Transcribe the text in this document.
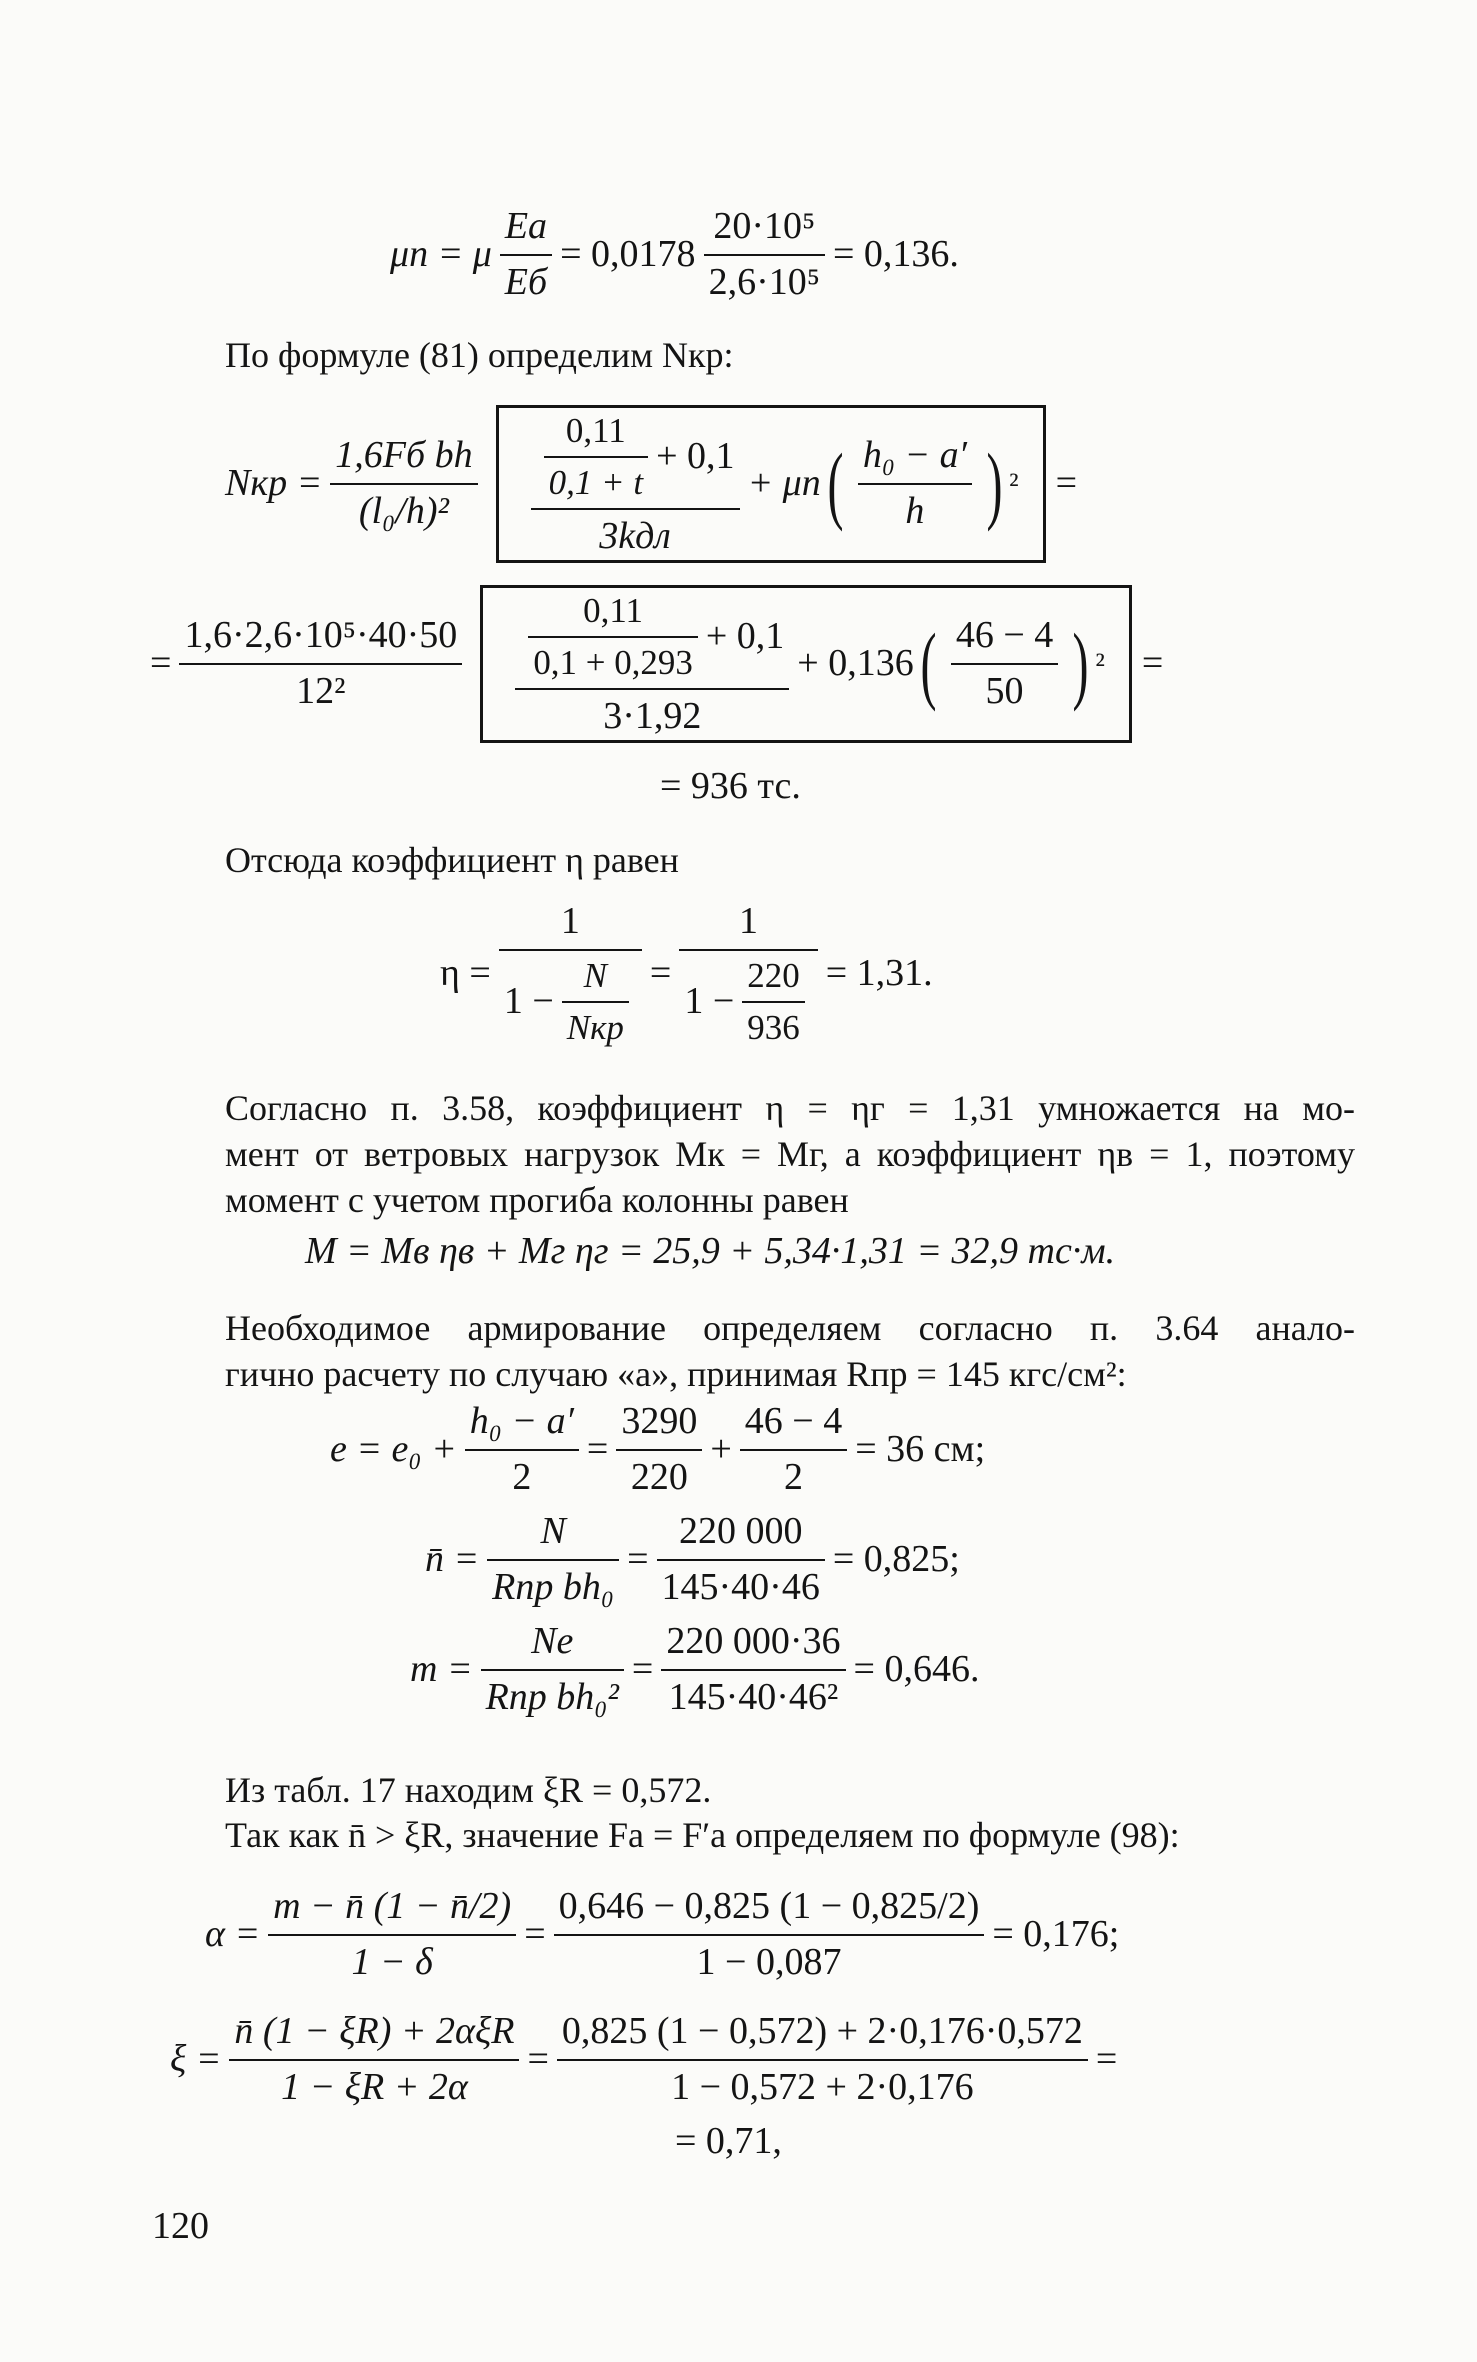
μn = μ $\frac{Eа}{Eб} = 0,0178 \frac{\text{20·10⁵}}{\text{2,6·10⁵}} = 0,136$.
По формуле (81) определим Nкр:
Nкр = $\frac{\text{1,6Fб bh}}{\text{(l₀/h)²}} \frac{\frac{0,11}{0,1 + t} + 0,1}{\text{3kдл}} + \mu n$ ( $\frac{\text{h₀ − a′}}{h}$ ) ² =
= $\frac{\text{1,6·2,6·10⁵·40·50}}{\text{12²}} \frac{0,11}{0,1 + 0,293} + 0,1$
3·1,92
+ 0,136 ( $\frac{46 - 4}{50}$ ) ² =
= 936 тс.
Отсюда коэффициент η равен
$\eta = \frac{1}{1 - \frac{N}{\text{Nкр}}} = \frac{1}{1 - \frac{220}{936}} = 1,31$.

Согласно п. 3.58, коэффициент η = ηг = 1,31 умножается на мо-

мент от ветровых нагрузок Mк = Mг, а коэффициент ηв = 1, поэтому

момент с учетом прогиба колонны равен

M = Mв ηв + Mг ηг = 25,9 + 5,34·1,31 = 32,9 тс·м.

Необходимое армирование определяем согласно п. 3.64 анало-

гично расчету по случаю «а», принимая Rпр = 145 кгс/см²:

$e = e_0 + \frac{\text{h₀ − a′}}{2} = \frac{3290}{220} + \frac{46 - 4}{2} = 36$ см;
n̄ = $\frac{N}{\text{Rпр bh₀}} = \frac{220 000}{145\cdot 40\cdot 46} = 0,825$;
$m = \frac{Ne}{\text{Rпр bh₀²}} = \frac{220 000\cdot 36}{\text{145·40·46²}} = 0,646$.
Из табл. 17 находим ξR = 0,572.
Так как n̄ > ξR, значение Fа = F′а определяем по формуле (98):
$\alpha = \frac{m - n̄ (1 - n̄/2)}{1 - \delta} = \frac{0,646 - 0,825 (1 - 0,825/2)}{1 - 0,087} = 0,176$;
$\xi = \frac{\text{n̄ (1 − ξR) + 2αξR}}{1 - \xi R + 2\alpha} = \frac{0,825 (1 - 0,572) + 2\cdot 0,176\cdot 0,572}{1 - 0,572 + 2\cdot 0,176}$ =
= 0,71,
120
